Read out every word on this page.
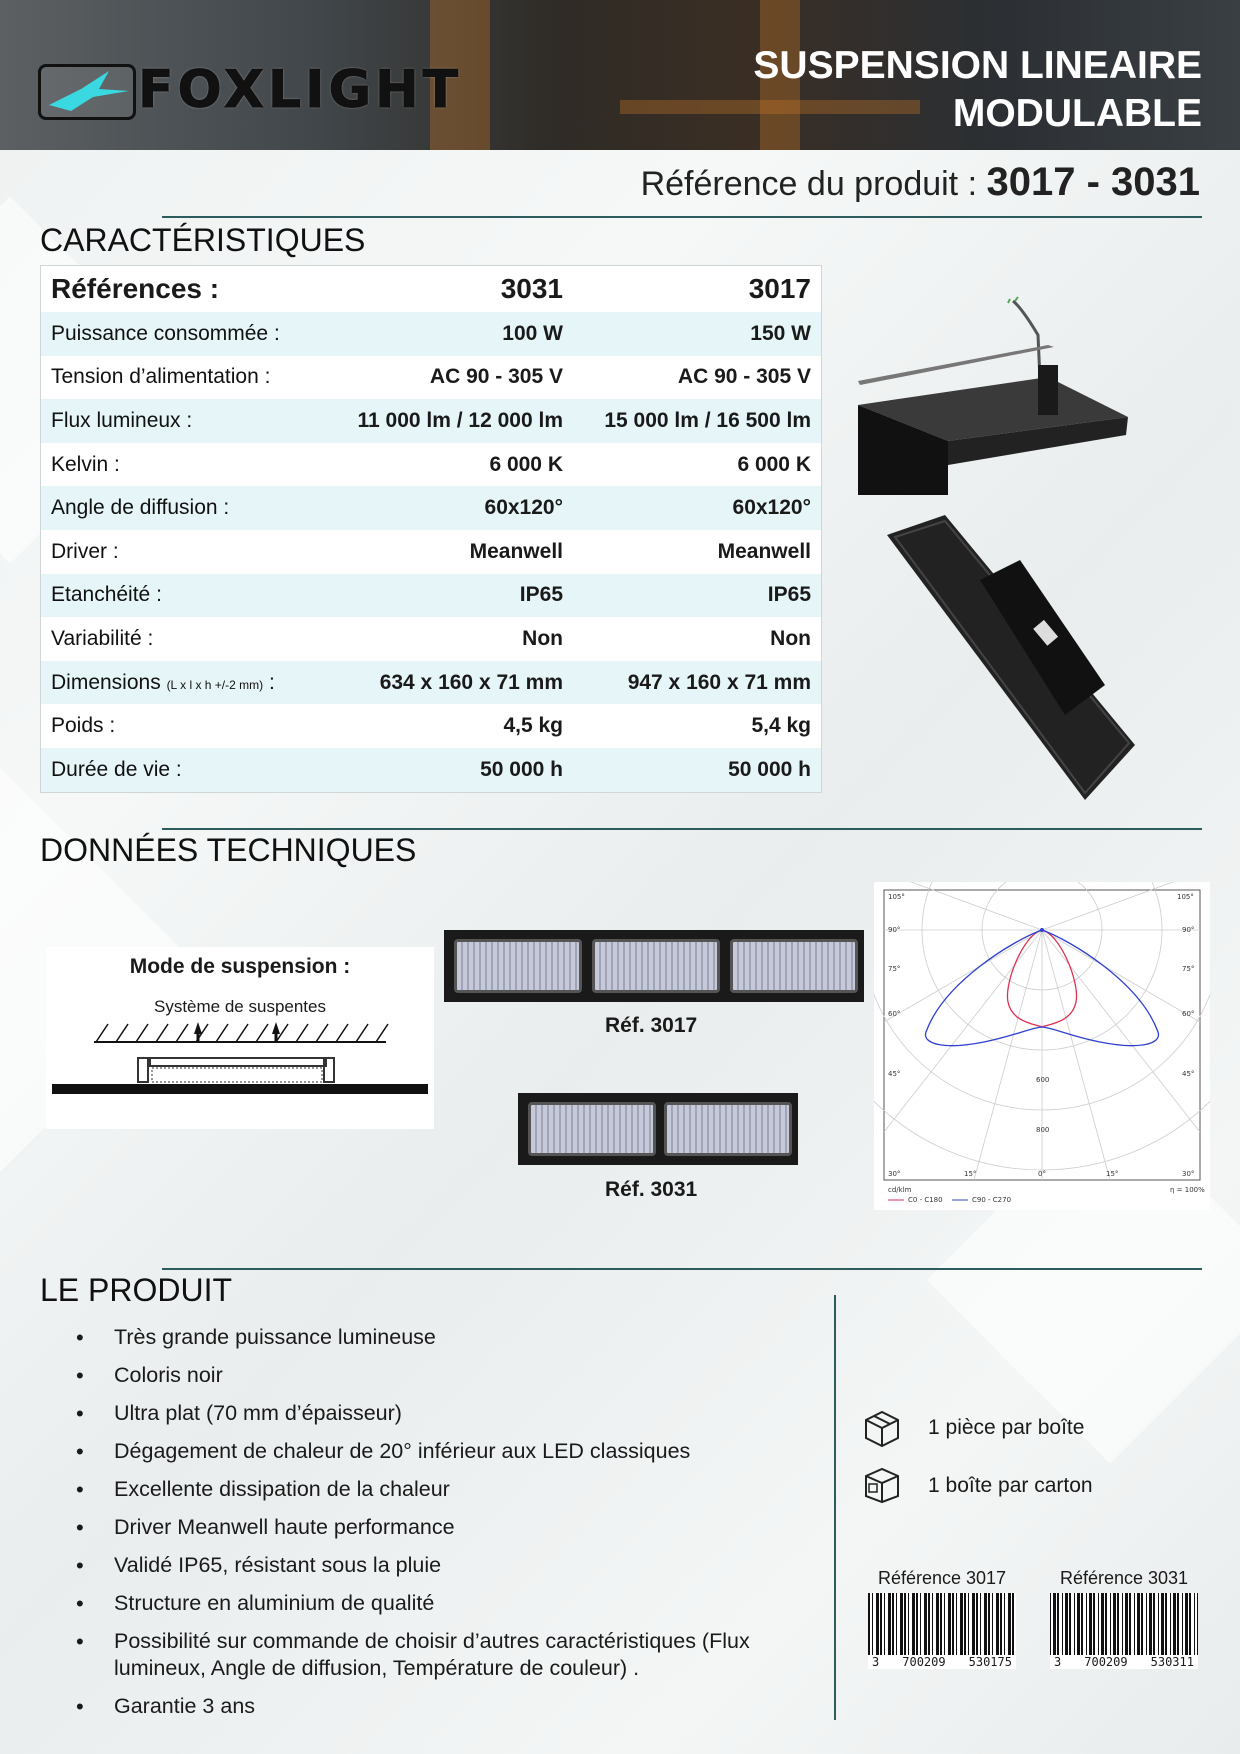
FOXLIGHT	SUSPENSION LINEAIRE
MODULABLE
Référence du produit : 3017 - 3031
CARACTÉRISTIQUES
Références :	3031	3017
Puissance consommée :	100 W	150 W
Tension d’alimentation :	AC 90 - 305 V	AC 90 - 305 V
Flux lumineux :	11 000 lm / 12 000 lm	15 000 lm / 16 500 lm
Kelvin :	6 000 K	6 000 K
Angle de diffusion :	60x120°	60x120°
Driver :	Meanwell	Meanwell
Etanchéité :	IP65	IP65
Variabilité :	Non	Non
Dimensions (L x l x h +/-2 mm) :	634 x 160 x 71 mm	947 x 160 x 71 mm
Poids :	4,5 kg	5,4 kg
Durée de vie :	50 000 h	50 000 h
DONNÉES TECHNIQUES
Mode de suspension :
Système de suspentes
Réf. 3017
Réf. 3031
105°	105°
90°
75°
60°
45°
90°
75°
60°
45°
30°	15°	0°	15°	30°
600
800
cd/klm	η = 100%
C0 - C180	C90 - C270
LE PRODUIT
• Très grande puissance lumineuse
• Coloris noir
• Ultra plat (70 mm d’épaisseur)
• Dégagement de chaleur de 20° inférieur aux LED classiques
• Excellente dissipation de la chaleur
• Driver Meanwell haute performance
• Validé IP65, résistant sous la pluie
• Structure en aluminium de qualité
• Possibilité sur commande de choisir d’autres caractéristiques (Flux lumineux, Angle de diffusion, Température de couleur) .
• Garantie 3 ans
1 pièce par boîte
1 boîte par carton
Référence 3017
3 700209 530175
Référence 3031
3 700209 530311
